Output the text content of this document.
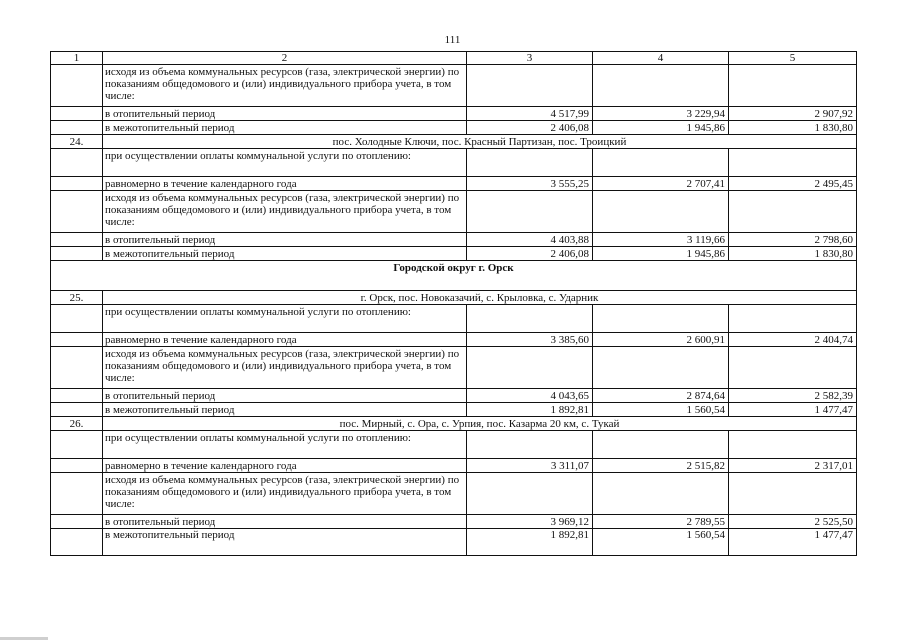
111
1	2	3	4	5
	исходя из объема коммунальных ресурсов (газа, электрической энергии) по показаниям общедомового и (или) индивидуального прибора учета, в том числе:			
	в отопительный период	4 517,99	3 229,94	2 907,92
	в межотопительный период	2 406,08	1 945,86	1 830,80
24.	пос. Холодные Ключи, пос. Красный Партизан, пос. Троицкий			
	при осуществлении оплаты коммунальной услуги по отоплению:			
	равномерно в течение календарного года	3 555,25	2 707,41	2 495,45
	исходя из объема коммунальных ресурсов (газа, электрической энергии) по показаниям общедомового и (или) индивидуального прибора учета, в том числе:			
	в отопительный период	4 403,88	3 119,66	2 798,60
	в межотопительный период	2 406,08	1 945,86	1 830,80
Городской округ г. Орск				

25.	г. Орск, пос. Новоказачий, с. Крыловка, с. Ударник			
	при осуществлении оплаты коммунальной услуги по отоплению:			
	равномерно в течение календарного года	3 385,60	2 600,91	2 404,74
	исходя из объема коммунальных ресурсов (газа, электрической энергии) по показаниям общедомового и (или) индивидуального прибора учета, в том числе:			
	в отопительный период	4 043,65	2 874,64	2 582,39
	в межотопительный период	1 892,81	1 560,54	1 477,47
26.	пос. Мирный, с. Ора, с. Урпия, пос. Казарма 20 км, с. Тукай			
	при осуществлении оплаты коммунальной услуги по отоплению:			
	равномерно в течение календарного года	3 311,07	2 515,82	2 317,01
	исходя из объема коммунальных ресурсов (газа, электрической энергии) по показаниям общедомового и (или) индивидуального прибора учета, в том числе:			
	в отопительный период	3 969,12	2 789,55	2 525,50
	в межотопительный период	1 892,81	1 560,54	1 477,47
